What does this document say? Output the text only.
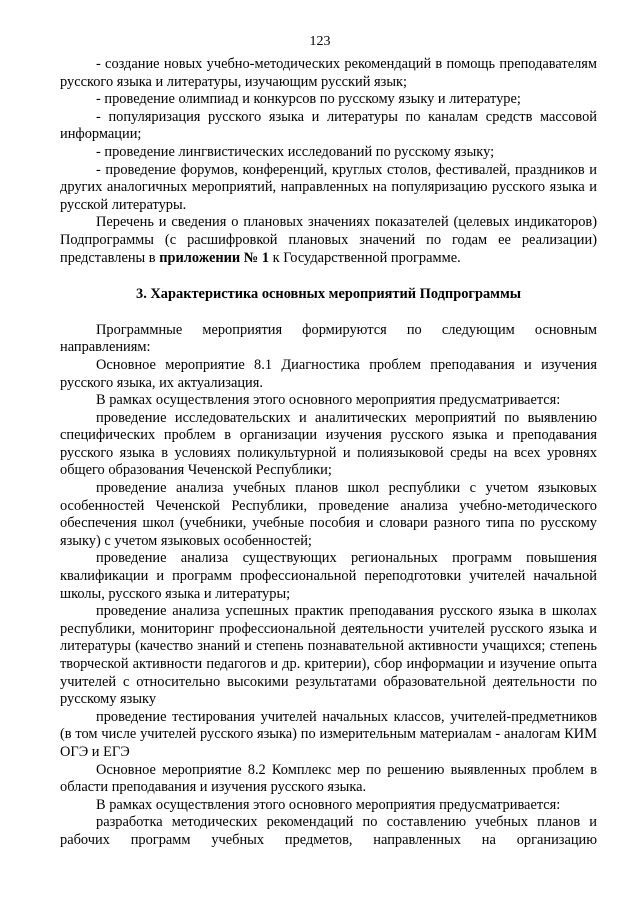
123

- создание новых учебно-методических рекомендаций в помощь преподавателям русского языка и литературы, изучающим русский язык;

- проведение олимпиад и конкурсов по русскому языку и литературе;

- популяризация русского языка и литературы по каналам средств массовой информации;

- проведение лингвистических исследований по русскому языку;

- проведение форумов, конференций, круглых столов, фестивалей, праздников и других аналогичных мероприятий, направленных на популяризацию русского языка и русской литературы.

Перечень и сведения о плановых значениях показателей (целевых индикаторов) Подпрограммы (с расшифровкой плановых значений по годам ее реализации) представлены в приложении № 1 к Государственной программе.

3. Характеристика основных мероприятий Подпрограммы

Программные мероприятия формируются по следующим основным направлениям:

Основное мероприятие 8.1 Диагностика проблем преподавания и изучения русского языка, их актуализация.

В рамках осуществления этого основного мероприятия предусматривается:

проведение исследовательских и аналитических мероприятий по выявлению специфических проблем в организации изучения русского языка и преподавания русского языка в условиях поликультурной и полиязыковой среды на всех уровнях общего образования Чеченской Республики;

проведение анализа учебных планов школ республики с учетом языковых особенностей Чеченской Республики, проведение анализа учебно-методического обеспечения школ (учебники, учебные пособия и словари разного типа по русскому языку) с учетом языковых особенностей;

проведение анализа существующих региональных программ повышения квалификации и программ профессиональной переподготовки учителей начальной школы, русского языка и литературы;

проведение анализа успешных практик преподавания русского языка в школах республики, мониторинг профессиональной деятельности учителей русского языка и литературы (качество знаний и степень познавательной активности учащихся; степень творческой активности педагогов и др. критерии), сбор информации и изучение опыта учителей с относительно высокими результатами образовательной деятельности по русскому языку

проведение тестирования учителей начальных классов, учителей-предметников (в том числе учителей русского языка) по измерительным материалам - аналогам КИМ ОГЭ и ЕГЭ

Основное мероприятие 8.2 Комплекс мер по решению выявленных проблем в области преподавания и изучения русского языка.

В рамках осуществления этого основного мероприятия предусматривается:

разработка методических рекомендаций по составлению учебных планов и рабочих программ учебных предметов, направленных на организацию
